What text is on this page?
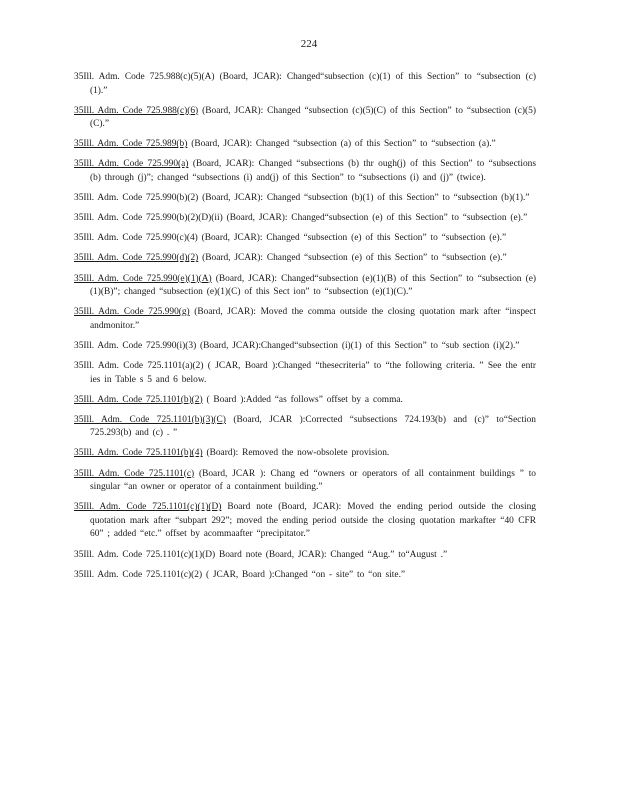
224

35Ill. Adm. Code 725.988(c)(5)(A) (Board, JCAR): Changed“subsection (c)(1) of this Section” to “subsection (c)(1).”

35Ill. Adm. Code 725.988(c)(6) (Board, JCAR): Changed “subsection (c)(5)(C) of this Section” to “subsection (c)(5)(C).”

35Ill. Adm. Code 725.989(b) (Board, JCAR): Changed “subsection (a) of this Section” to “subsection (a).”

35Ill. Adm. Code 725.990(a) (Board, JCAR): Changed “subsections (b) thr ough(j) of this Section” to “subsections (b) through (j)”; changed “subsections (i) and(j) of this Section” to “subsections (i) and (j)” (twice).

35Ill. Adm. Code 725.990(b)(2) (Board, JCAR): Changed “subsection (b)(1) of this Section” to “subsection (b)(1).”

35Ill. Adm. Code 725.990(b)(2)(D)(ii) (Board, JCAR): Changed“subsection (e) of this Section” to “subsection (e).”

35Ill. Adm. Code 725.990(c)(4) (Board, JCAR): Changed “subsection (e) of this Section” to “subsection (e).”

35Ill. Adm. Code 725.990(d)(2) (Board, JCAR): Changed “subsection (e) of this Section” to “subsection (e).”

35Ill. Adm. Code 725.990(e)(1)(A) (Board, JCAR): Changed“subsection (e)(1)(B) of this Section” to “subsection (e)(1)(B)”; changed “subsection (e)(1)(C) of this Sect ion” to “subsection (e)(1)(C).”

35Ill. Adm. Code 725.990(g) (Board, JCAR): Moved the comma outside the closing quotation mark after “inspect andmonitor.”

35Ill. Adm. Code 725.990(i)(3) (Board, JCAR):Changed“subsection (i)(1) of this Section” to “sub section (i)(2).”

35Ill. Adm. Code 725.1101(a)(2) ( JCAR, Board ):Changed “thesecriteria” to “the following criteria. ” See the entr ies in Table s 5 and 6 below.

35Ill. Adm. Code 725.1101(b)(2) ( Board ):Added “as follows” offset by a comma.

35Ill. Adm. Code 725.1101(b)(3)(C) (Board, JCAR ):Corrected “subsections 724.193(b) and (c)” to“Section 725.293(b) and (c) . ”

35Ill. Adm. Code 725.1101(b)(4) (Board): Removed the now-obsolete provision.

35Ill. Adm. Code 725.1101(c) (Board, JCAR ): Chang ed “owners or operators of all containment buildings ” to singular “an owner or operator of a containment building.”

35Ill. Adm. Code 725.1101(c)(1)(D) Board note (Board, JCAR): Moved the ending period outside the closing quotation mark after “subpart 292”; moved the ending period outside the closing quotation markafter “40 CFR 60” ; added “etc.” offset by acommaafter “precipitator.”

35Ill. Adm. Code 725.1101(c)(1)(D) Board note (Board, JCAR): Changed “Aug.” to“August .”

35Ill. Adm. Code 725.1101(c)(2) ( JCAR, Board ):Changed “on - site” to “on site.”
